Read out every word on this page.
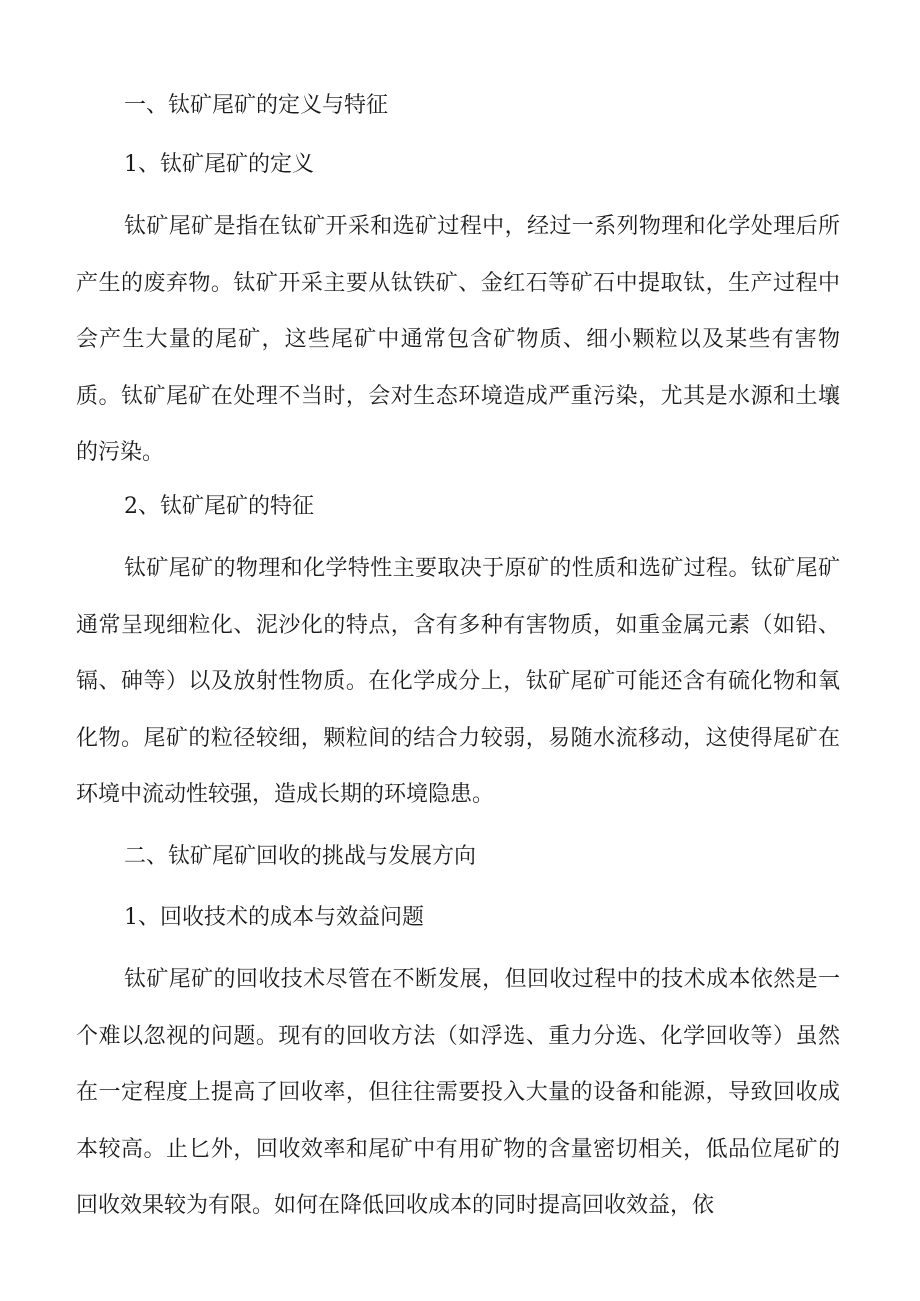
一、钛矿尾矿的定义与特征
1、钛矿尾矿的定义

钛矿尾矿是指在钛矿开采和选矿过程中，经过一系列物理和化学处理后所产生的废弃物。钛矿开采主要从钛铁矿、金红石等矿石中提取钛，生产过程中会产生大量的尾矿，这些尾矿中通常包含矿物质、细小颗粒以及某些有害物质。钛矿尾矿在处理不当时，会对生态环境造成严重污染，尤其是水源和土壤的污染。

2、钛矿尾矿的特征

钛矿尾矿的物理和化学特性主要取决于原矿的性质和选矿过程。钛矿尾矿通常呈现细粒化、泥沙化的特点，含有多种有害物质，如重金属元素（如铅、镉、砷等）以及放射性物质。在化学成分上，钛矿尾矿可能还含有硫化物和氧化物。尾矿的粒径较细，颗粒间的结合力较弱，易随水流移动，这使得尾矿在环境中流动性较强，造成长期的环境隐患。

二、钛矿尾矿回收的挑战与发展方向
1、回收技术的成本与效益问题

钛矿尾矿的回收技术尽管在不断发展，但回收过程中的技术成本依然是一个难以忽视的问题。现有的回收方法（如浮选、重力分选、化学回收等）虽然在一定程度上提高了回收率，但往往需要投入大量的设备和能源，导致回收成本较高。止匕外，回收效率和尾矿中有用矿物的含量密切相关，低品位尾矿的回收效果较为有限。如何在降低回收成本的同时提高回收效益，依
